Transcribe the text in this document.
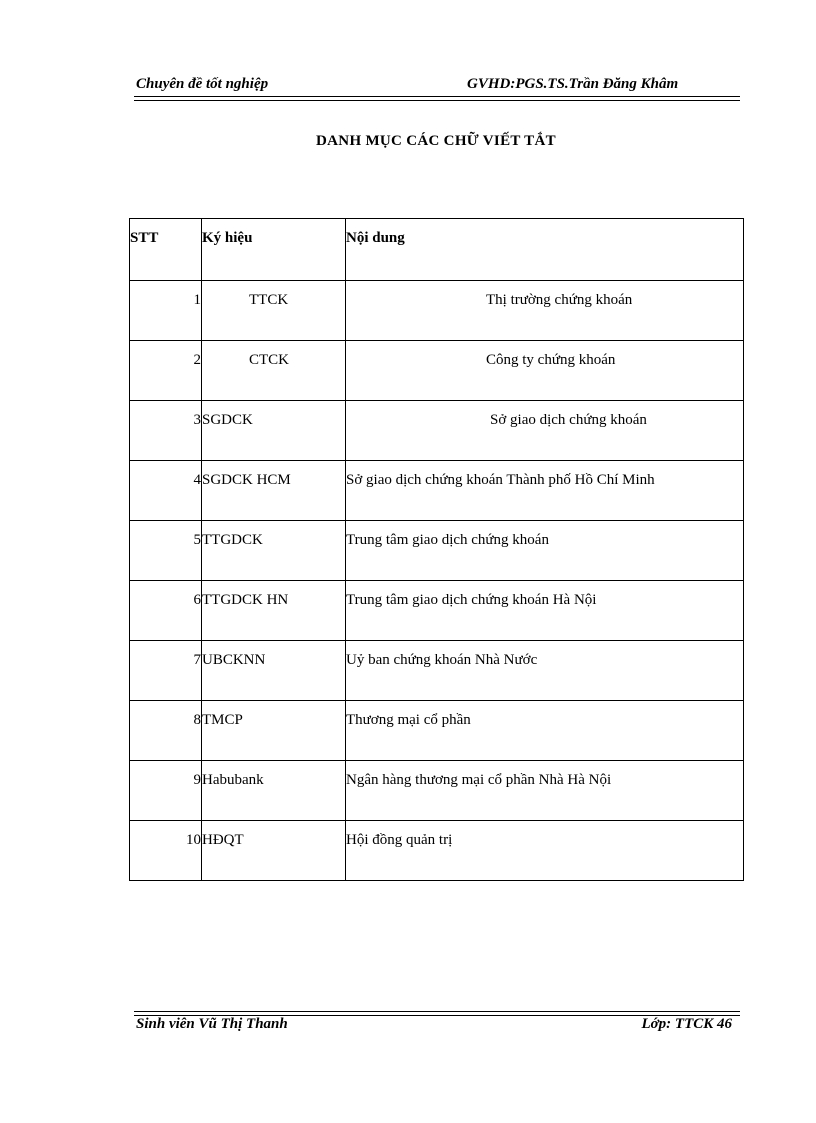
Chuyên đề tốt nghiệp	GVHD:PGS.TS.Trần Đăng Khâm
DANH MỤC CÁC CHỮ VIẾT TẮT
STT	Ký hiệu	Nội dung
1	TTCK	Thị trường chứng khoán
2	CTCK	Công ty chứng khoán
3	SGDCK	Sở giao dịch chứng khoán
4	SGDCK HCM	Sở giao dịch chứng khoán Thành phố Hồ Chí Minh
5	TTGDCK	Trung tâm giao dịch chứng khoán
6	TTGDCK HN	Trung tâm giao dịch chứng khoán Hà Nội
7	UBCKNN	Uỷ ban chứng khoán Nhà Nước
8	TMCP	Thương mại cổ phần
9	Habubank	Ngân hàng thương mại cổ phần Nhà Hà Nội
10	HĐQT	Hội đồng quản trị
Sinh viên Vũ Thị Thanh	Lớp: TTCK 46
